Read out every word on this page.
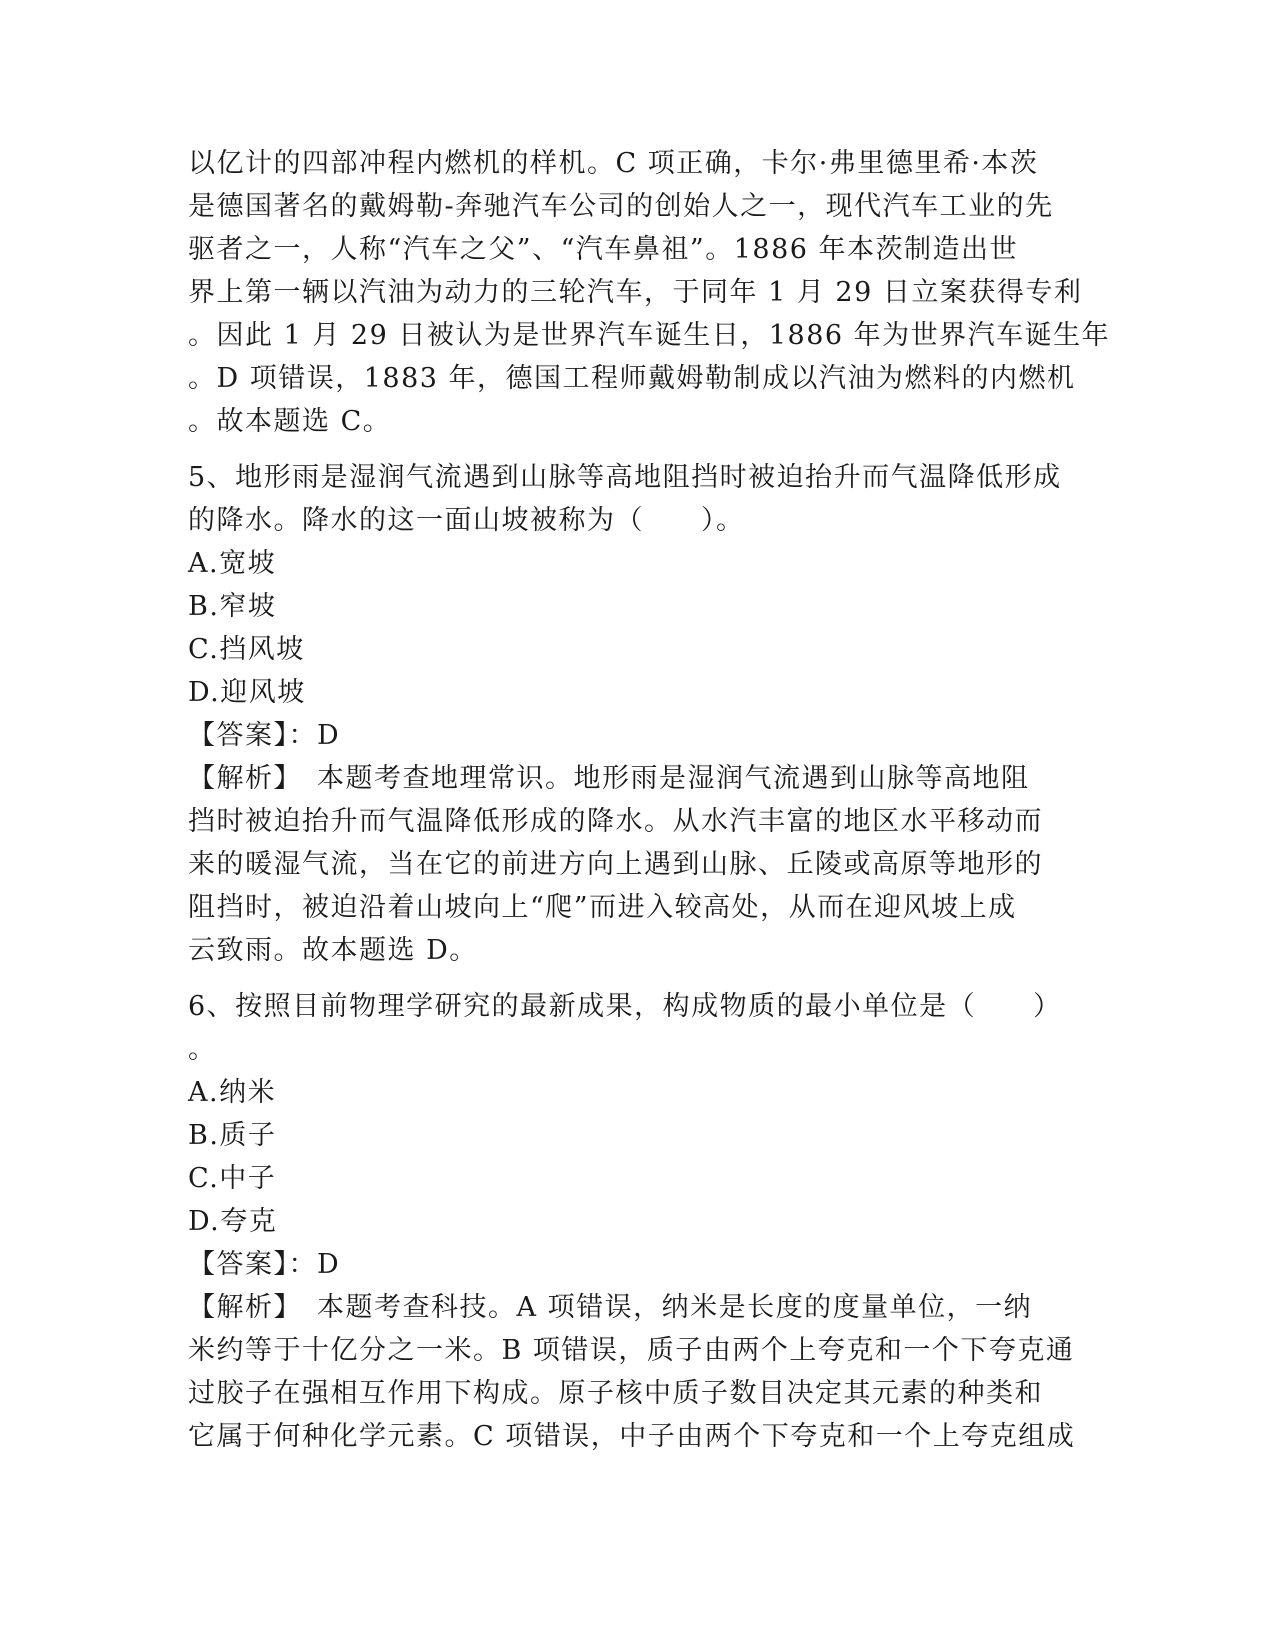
以亿计的四部冲程内燃机的样机。C 项正确，卡尔·弗里德里希·本茨
是德国著名的戴姆勒-奔驰汽车公司的创始人之一，现代汽车工业的先
驱者之一，人称“汽车之父”、“汽车鼻祖”。1886 年本茨制造出世
界上第一辆以汽油为动力的三轮汽车，于同年 1 月 29 日立案获得专利
。因此 1 月 29 日被认为是世界汽车诞生日，1886 年为世界汽车诞生年
。D 项错误，1883 年，德国工程师戴姆勒制成以汽油为燃料的内燃机
。故本题选 C。
5、地形雨是湿润气流遇到山脉等高地阻挡时被迫抬升而气温降低形成
的降水。降水的这一面山坡被称为（　　）。
A.宽坡
B.窄坡
C.挡风坡
D.迎风坡
【答案】：D
【解析】　本题考查地理常识。地形雨是湿润气流遇到山脉等高地阻
挡时被迫抬升而气温降低形成的降水。从水汽丰富的地区水平移动而
来的暖湿气流，当在它的前进方向上遇到山脉、丘陵或高原等地形的
阻挡时，被迫沿着山坡向上“爬”而进入较高处，从而在迎风坡上成
云致雨。故本题选 D。
6、按照目前物理学研究的最新成果，构成物质的最小单位是（　　）
。
A.纳米
B.质子
C.中子
D.夸克
【答案】：D
【解析】　本题考查科技。A 项错误，纳米是长度的度量单位，一纳
米约等于十亿分之一米。B 项错误，质子由两个上夸克和一个下夸克通
过胶子在强相互作用下构成。原子核中质子数目决定其元素的种类和
它属于何种化学元素。C 项错误，中子由两个下夸克和一个上夸克组成
